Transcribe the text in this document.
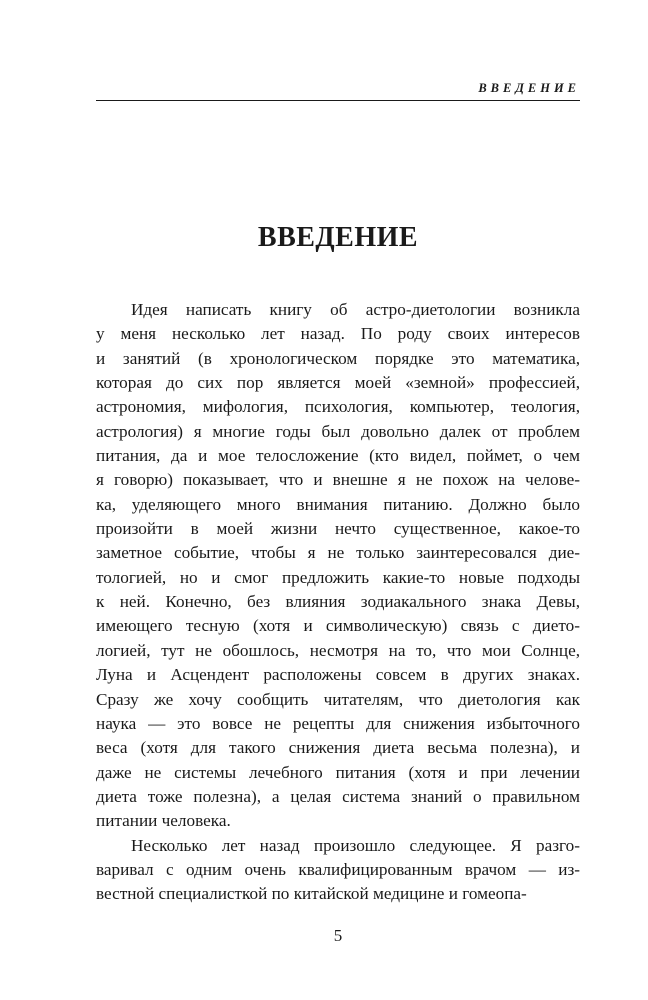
ВВЕДЕНИЕ
ВВЕДЕНИЕ

Идея написать книгу об астро-диетологии возникла
у меня несколько лет назад. По роду своих интересов
и занятий (в хронологическом порядке это математика,
которая до сих пор является моей «земной» профессией,
астрономия, мифология, психология, компьютер, теология,
астрология) я многие годы был довольно далек от проблем
питания, да и мое телосложение (кто видел, поймет, о чем
я говорю) показывает, что и внешне я не похож на челове-
ка, уделяющего много внимания питанию. Должно было
произойти в моей жизни нечто существенное, какое-то
заметное событие, чтобы я не только заинтересовался дие-
тологией, но и смог предложить какие-то новые подходы
к ней. Конечно, без влияния зодиакального знака Девы,
имеющего тесную (хотя и символическую) связь с дието-
логией, тут не обошлось, несмотря на то, что мои Солнце,
Луна и Асцендент расположены совсем в других знаках.
Сразу же хочу сообщить читателям, что диетология как
наука — это вовсе не рецепты для снижения избыточного
веса (хотя для такого снижения диета весьма полезна), и
даже не системы лечебного питания (хотя и при лечении
диета тоже полезна), а целая система знаний о правильном
питании человека.

Несколько лет назад произошло следующее. Я разго-
варивал с одним очень квалифицированным врачом — из-
вестной специалисткой по китайской медицине и гомеопа-

5
